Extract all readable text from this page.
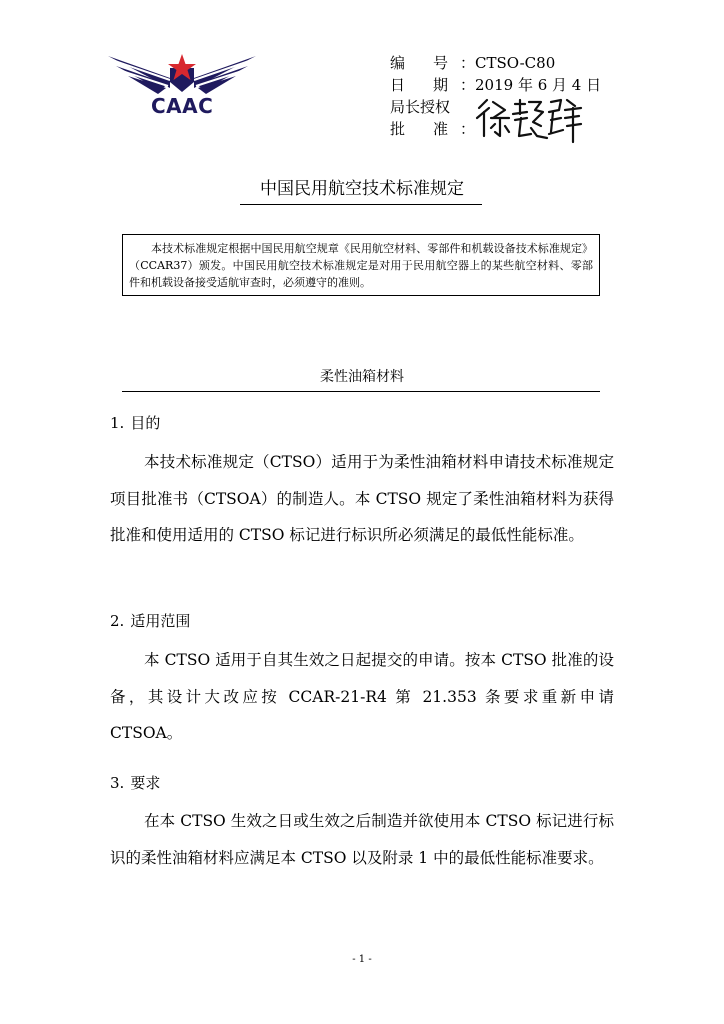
CAAC
编 号 ：CTSO-C80
日 期 ：2019 年 6 月 4 日
局长授权
批 准 ：
中国民用航空技术标准规定
本技术标准规定根据中国民用航空规章《民用航空材料、零部件和机载设备技术标准规定》（CCAR37）颁发。中国民用航空技术标准规定是对用于民用航空器上的某些航空材料、零部件和机载设备接受适航审查时，必须遵守的准则。
柔性油箱材料
1. 目的
本技术标准规定（CTSO）适用于为柔性油箱材料申请技术标准规定项目批准书（CTSOA）的制造人。本 CTSO 规定了柔性油箱材料为获得批准和使用适用的 CTSO 标记进行标识所必须满足的最低性能标准。
2. 适用范围
本 CTSO 适用于自其生效之日起提交的申请。按本 CTSO 批准的设备，其设计大改应按 CCAR-21-R4 第 21.353 条要求重新申请 CTSOA。
3. 要求
在本 CTSO 生效之日或生效之后制造并欲使用本 CTSO 标记进行标识的柔性油箱材料应满足本 CTSO 以及附录 1 中的最低性能标准要求。
- 1 -
